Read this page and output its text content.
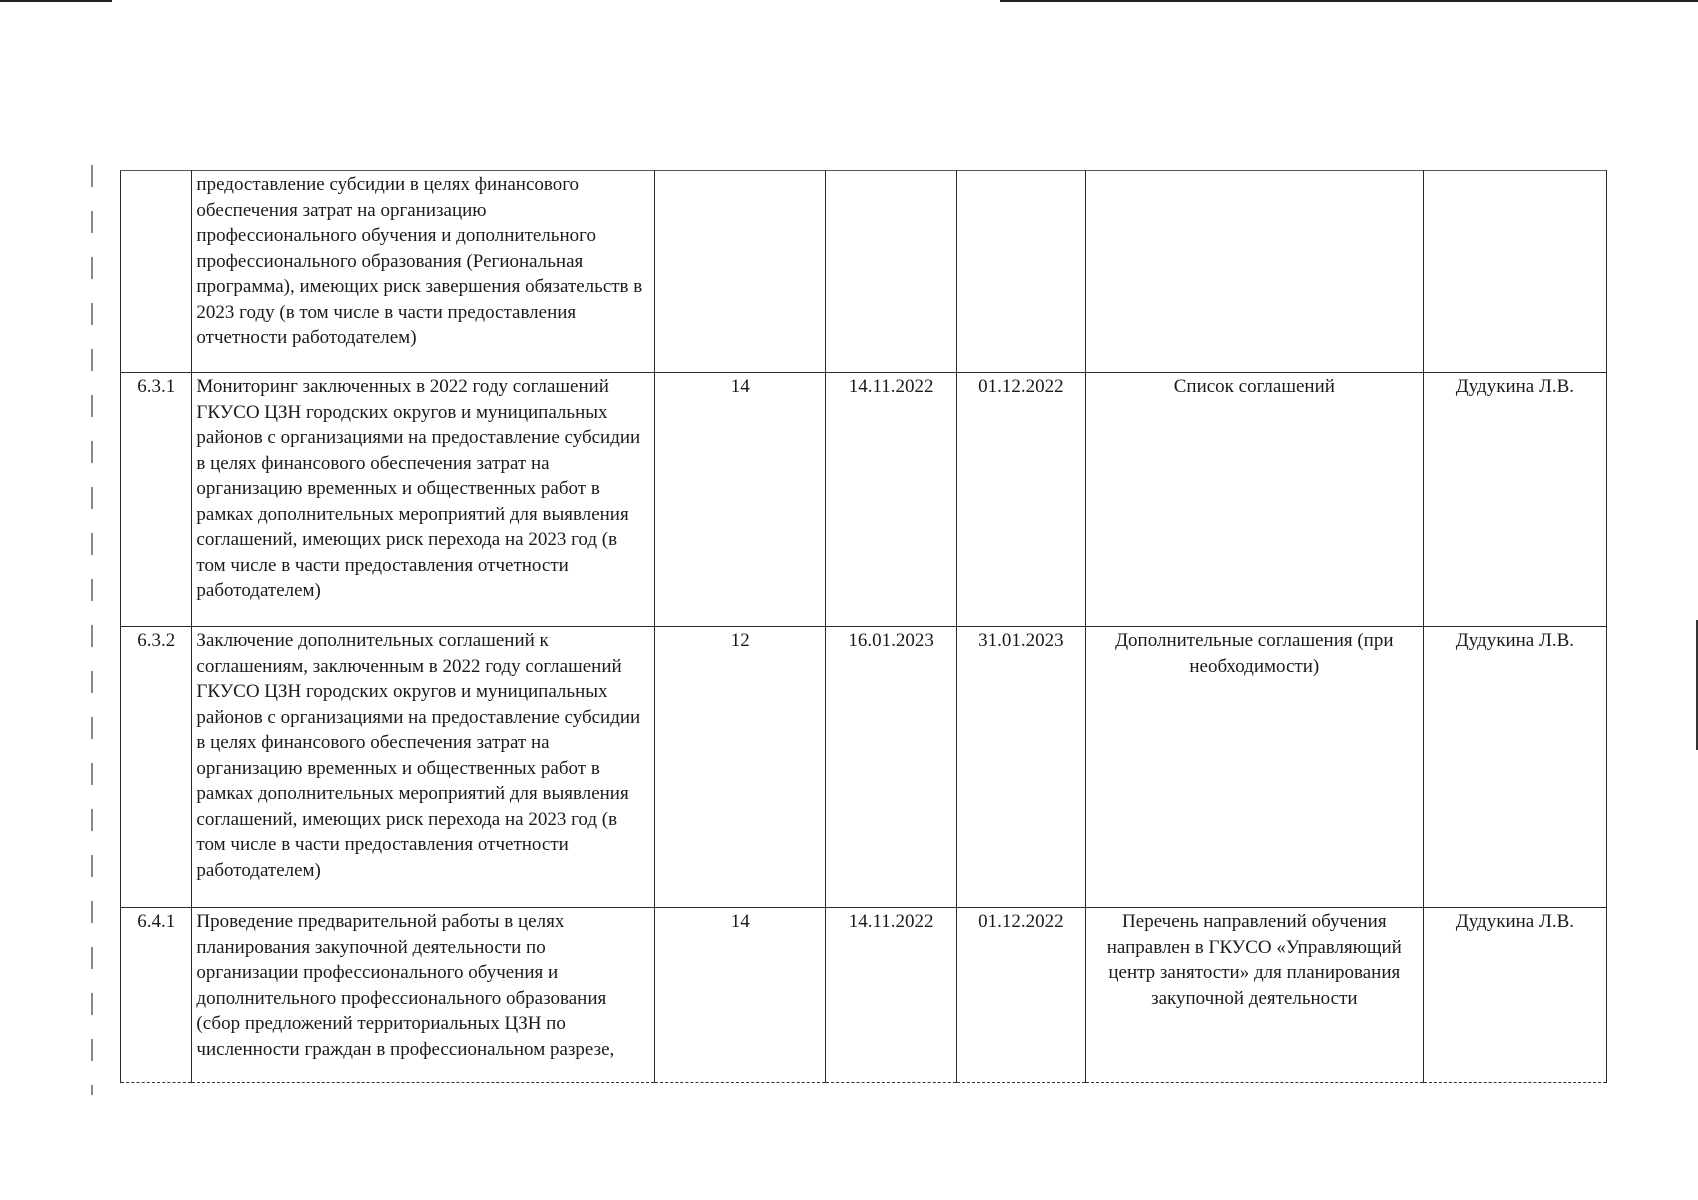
	предоставление субсидии в целях финансового обеспечения затрат на организацию профессионального обучения и дополнительного профессионального образования (Региональная программа), имеющих риск завершения обязательств в 2023 году (в том числе в части предоставления отчетности работодателем)					
6.3.1	Мониторинг заключенных в 2022 году соглашений ГКУСО ЦЗН городских округов и муниципальных районов с организациями на предоставление субсидии в целях финансового обеспечения затрат на организацию временных и общественных работ в рамках дополнительных мероприятий для выявления соглашений, имеющих риск перехода на 2023 год (в том числе в части предоставления отчетности работодателем)	14	14.11.2022	01.12.2022	Список соглашений	Дудукина Л.В.
6.3.2	Заключение дополнительных соглашений к соглашениям, заключенным в 2022 году соглашений ГКУСО ЦЗН городских округов и муниципальных районов с организациями на предоставление субсидии в целях финансового обеспечения затрат на организацию временных и общественных работ в рамках дополнительных мероприятий для выявления соглашений, имеющих риск перехода на 2023 год (в том числе в части предоставления отчетности работодателем)	12	16.01.2023	31.01.2023	Дополнительные соглашения (при необходимости)	Дудукина Л.В.
6.4.1	Проведение предварительной работы в целях планирования закупочной деятельности по организации профессионального обучения и дополнительного профессионального образования (сбор предложений территориальных ЦЗН по численности граждан в профессиональном разрезе,	14	14.11.2022	01.12.2022	Перечень направлений обучения направлен в ГКУСО «Управляющий центр занятости» для планирования закупочной деятельности	Дудукина Л.В.
